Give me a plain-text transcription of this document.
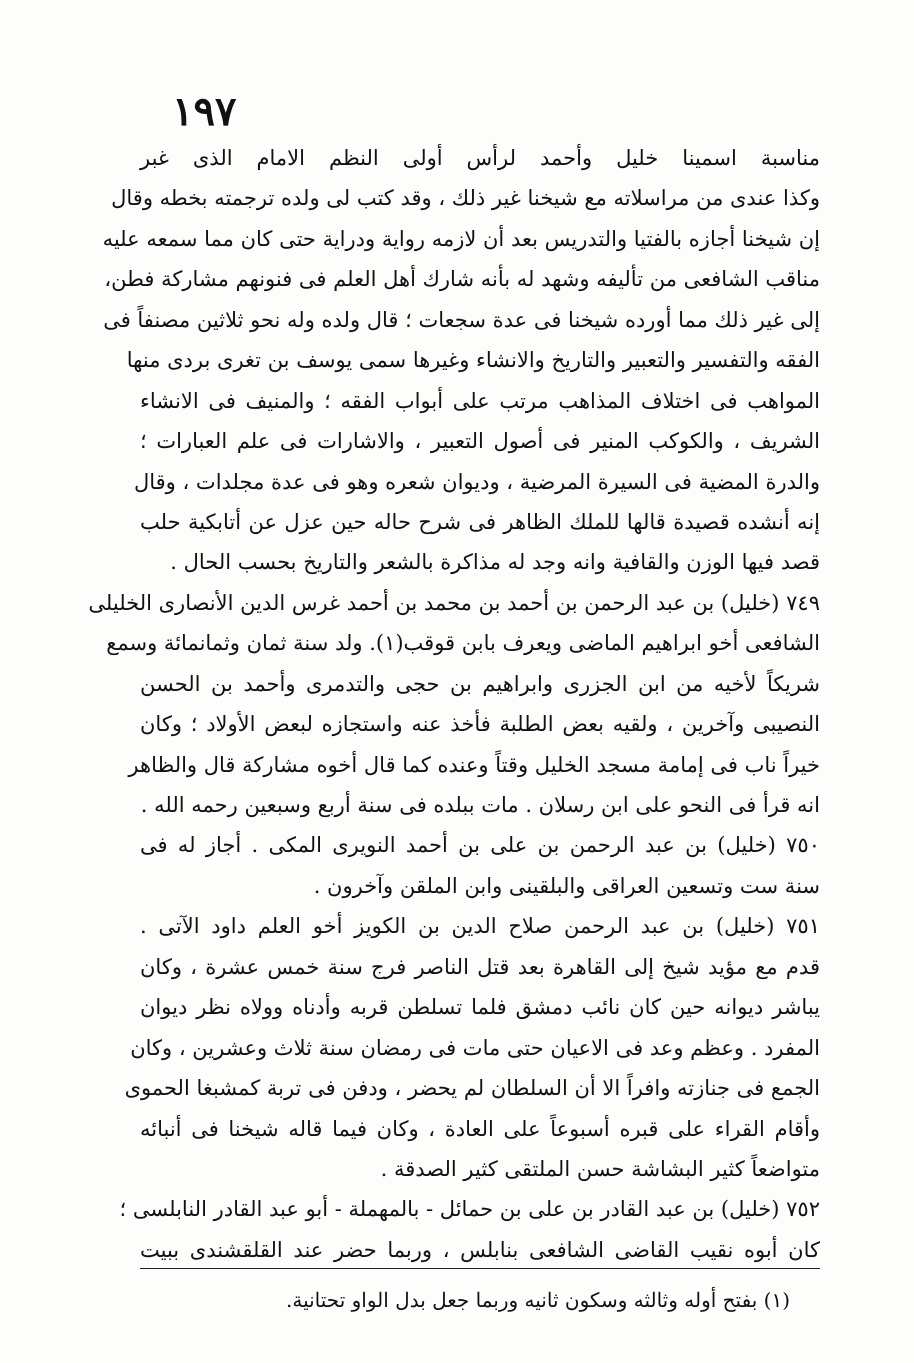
١٩٧
مناسبة اسمينا خليل وأحمد لرأس أولى النظم الامام الذى غبر
وكذا عندى من مراسلاته مع شيخنا غير ذلك ، وقد كتب لى ولده ترجمته بخطه وقال
إن شيخنا أجازه بالفتيا والتدريس بعد أن لازمه رواية ودراية حتى كان مما سمعه عليه
مناقب الشافعى من تأليفه وشهد له بأنه شارك أهل العلم فى فنونهم مشاركة فطن،
إلى غير ذلك مما أورده شيخنا فى عدة سجعات ؛ قال ولده وله نحو ثلاثين مصنفاً فى
الفقه والتفسير والتعبير والتاريخ والانشاء وغيرها سمى يوسف بن تغرى بردى منها
المواهب فى اختلاف المذاهب مرتب على أبواب الفقه ؛ والمنيف فى الانشاء
الشريف ، والكوكب المنير فى أصول التعبير ، والاشارات فى علم العبارات ؛
والدرة المضية فى السيرة المرضية ، وديوان شعره وهو فى عدة مجلدات ، وقال
إنه أنشده قصيدة قالها للملك الظاهر فى شرح حاله حين عزل عن أتابكية حلب
قصد فيها الوزن والقافية وانه وجد له مذاكرة بالشعر والتاريخ بحسب الحال .
٧٤٩ (خليل) بن عبد الرحمن بن أحمد بن محمد بن أحمد غرس الدين الأنصارى الخليلى
الشافعى أخو ابراهيم الماضى ويعرف بابن قوقب(١). ولد سنة ثمان وثمانمائة وسمع
شريكاً لأخيه من ابن الجزرى وابراهيم بن حجى والتدمرى وأحمد بن الحسن
النصيبى وآخرين ، ولقيه بعض الطلبة فأخذ عنه واستجازه لبعض الأولاد ؛ وكان
خيراً ناب فى إمامة مسجد الخليل وقتاً وعنده كما قال أخوه مشاركة قال والظاهر
انه قرأ فى النحو على ابن رسلان . مات ببلده فى سنة أربع وسبعين رحمه الله .
٧٥٠ (خليل) بن عبد الرحمن بن على بن أحمد النويرى المكى . أجاز له فى
سنة ست وتسعين العراقى والبلقينى وابن الملقن وآخرون .
٧٥١ (خليل) بن عبد الرحمن صلاح الدين بن الكويز أخو العلم داود الآتى .
قدم مع مؤيد شيخ إلى القاهرة بعد قتل الناصر فرج سنة خمس عشرة ، وكان
يباشر ديوانه حين كان نائب دمشق فلما تسلطن قربه وأدناه وولاه نظر ديوان
المفرد . وعظم وعد فى الاعيان حتى مات فى رمضان سنة ثلاث وعشرين ، وكان
الجمع فى جنازته وافراً الا أن السلطان لم يحضر ، ودفن فى تربة كمشبغا الحموى
وأقام القراء على قبره أسبوعاً على العادة ، وكان فيما قاله شيخنا فى أنبائه
متواضعاً كثير البشاشة حسن الملتقى كثير الصدقة .
٧٥٢ (خليل) بن عبد القادر بن على بن حمائل - بالمهملة - أبو عبد القادر النابلسى ؛
كان أبوه نقيب القاضى الشافعى بنابلس ، وربما حضر عند القلقشندى ببيت
(١) بفتح أوله وثالثه وسكون ثانيه وربما جعل بدل الواو تحتانية.
